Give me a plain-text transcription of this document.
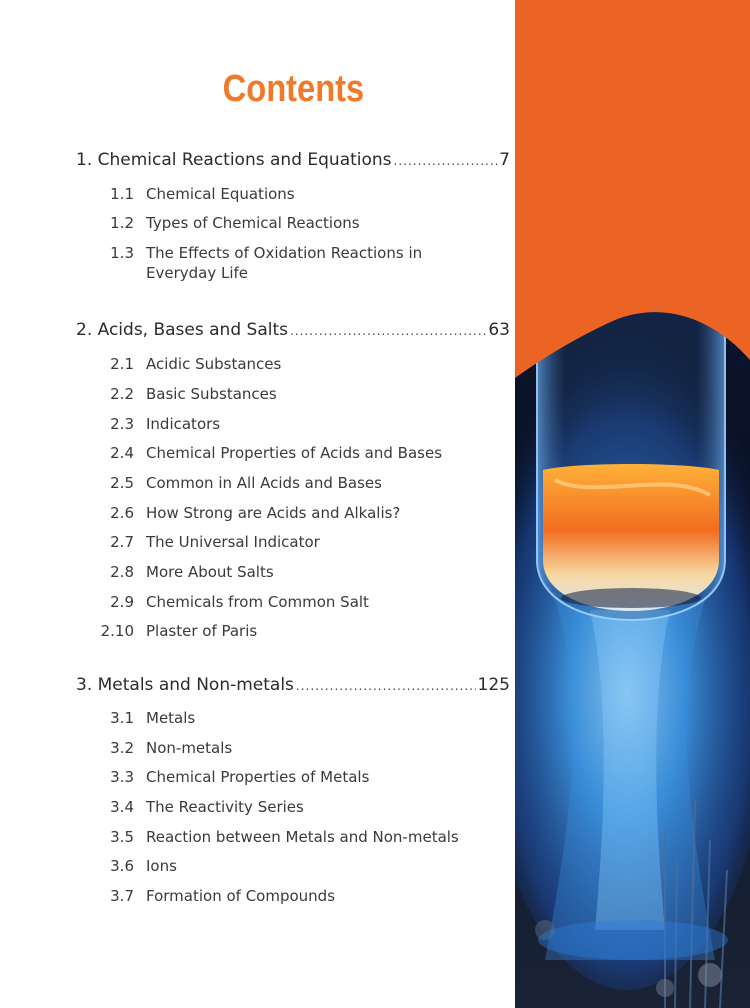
Contents
1. Chemical Reactions and Equations .....	7
1.1 Chemical Equations
1.2 Types of Chemical Reactions
1.3 The Effects of Oxidation Reactions in Everyday Life
2. Acids, Bases and Salts .....	63
2.1 Acidic Substances
2.2 Basic Substances
2.3 Indicators
2.4 Chemical Properties of Acids and Bases
2.5 Common in All Acids and Bases
2.6 How Strong are Acids and Alkalis?
2.7 The Universal Indicator
2.8 More About Salts
2.9 Chemicals from Common Salt
2.10 Plaster of Paris
3. Metals and Non-metals .....	125
3.1 Metals
3.2 Non-metals
3.3 Chemical Properties of Metals
3.4 The Reactivity Series
3.5 Reaction between Metals and Non-metals
3.6 Ions
3.7 Formation of Compounds
